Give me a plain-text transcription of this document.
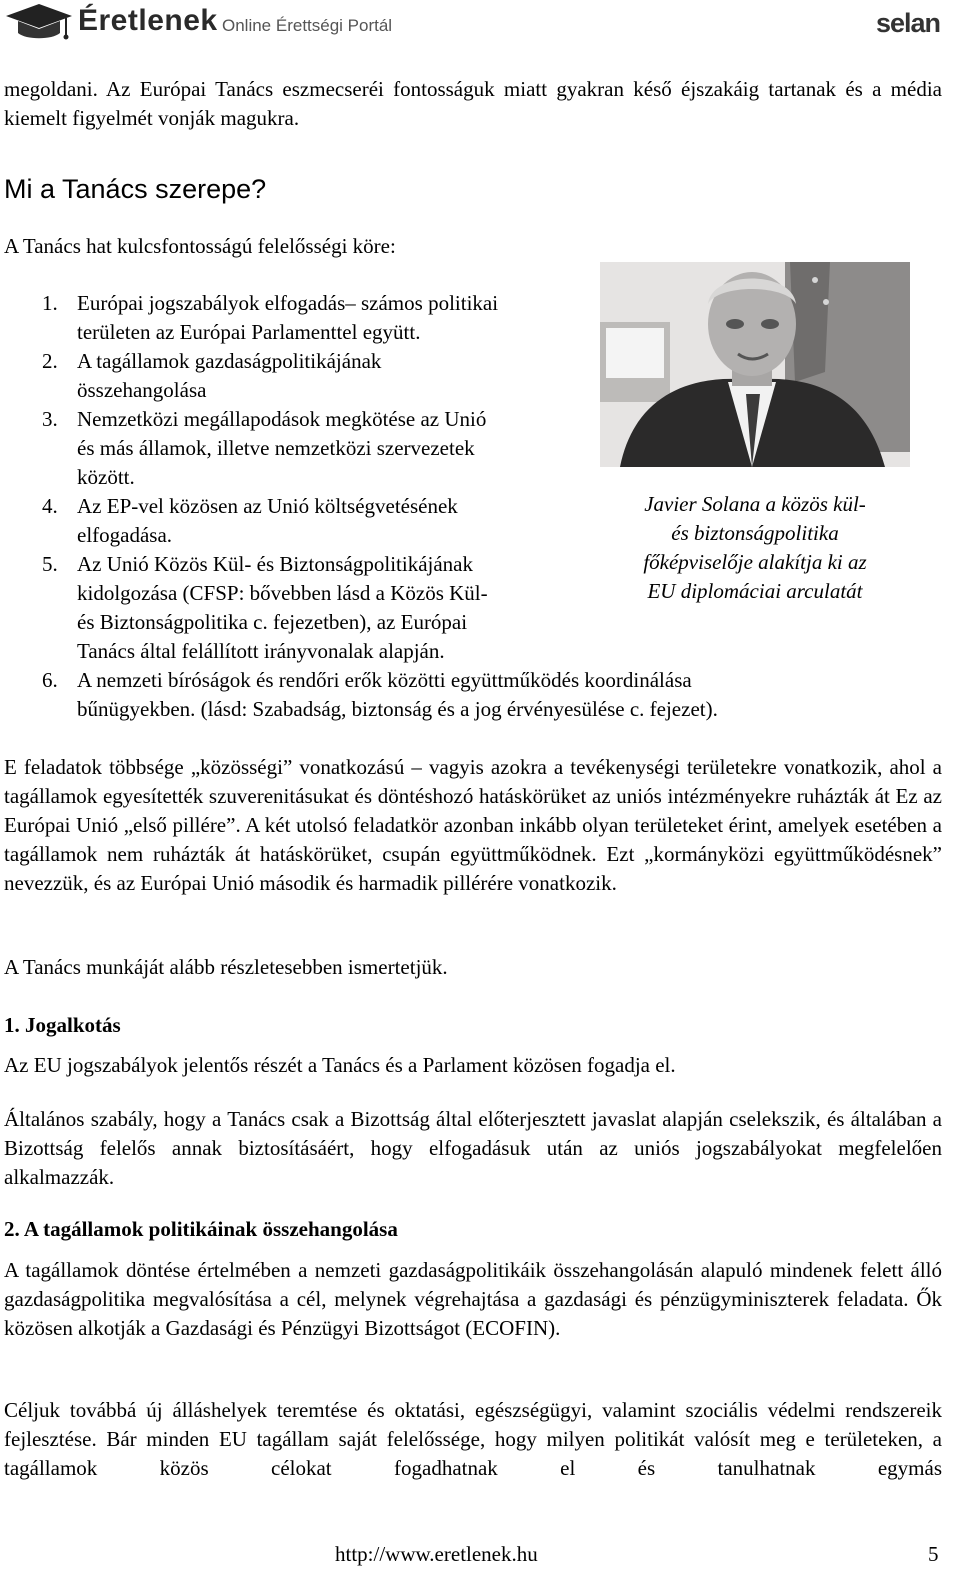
Éretlenek Online Érettségi Portál	selan

megoldani. Az Európai Tanács eszmecseréi fontosságuk miatt gyakran késő éjszakáig tartanak és a média kiemelt figyelmét vonják magukra.

Mi a Tanács szerepe?

A Tanács hat kulcsfontosságú felelősségi köre:

1. Európai jogszabályok elfogadás– számos politikai
területen az Európai Parlamenttel együtt.
2. A tagállamok gazdaságpolitikájának
összehangolása
3. Nemzetközi megállapodások megkötése az Unió
és más államok, illetve nemzetközi szervezetek
között.
4. Az EP-vel közösen az Unió költségvetésének
elfogadása.
5. Az Unió Közös Kül- és Biztonságpolitikájának
kidolgozása (CFSP: bővebben lásd a Közös Kül-
és Biztonságpolitika c. fejezetben), az Európai
Tanács által felállított irányvonalak alapján.
6. A nemzeti bíróságok és rendőri erők közötti együttműködés koordinálása
bűnügyekben. (lásd: Szabadság, biztonság és a jog érvényesülése c. fejezet).
Javier Solana a közös kül-
és biztonságpolitika
főképviselője alakítja ki az
EU diplomáciai arculatát

E feladatok többsége „közösségi” vonatkozású – vagyis azokra a tevékenységi területekre vonatkozik, ahol a tagállamok egyesítették szuverenitásukat és döntéshozó hatáskörüket az uniós intézményekre ruházták át Ez az Európai Unió „első pillére”. A két utolsó feladatkör azonban inkább olyan területeket érint, amelyek esetében a tagállamok nem ruházták át hatáskörüket, csupán együttműködnek. Ezt „kormányközi együttműködésnek” nevezzük, és az Európai Unió második és harmadik pillérére vonatkozik.

A Tanács munkáját alább részletesebben ismertetjük.

1. Jogalkotás

Az EU jogszabályok jelentős részét a Tanács és a Parlament közösen fogadja el.

Általános szabály, hogy a Tanács csak a Bizottság által előterjesztett javaslat alapján cselekszik, és általában a Bizottság felelős annak biztosításáért, hogy elfogadásuk után az uniós jogszabályokat megfelelően alkalmazzák.

2. A tagállamok politikáinak összehangolása

A tagállamok döntése értelmében a nemzeti gazdaságpolitikáik összehangolásán alapuló mindenek felett álló gazdaságpolitika megvalósítása a cél, melynek végrehajtása a gazdasági és pénzügyminiszterek feladata. Ők közösen alkotják a Gazdasági és Pénzügyi Bizottságot (ECOFIN).

Céljuk továbbá új álláshelyek teremtése és oktatási, egészségügyi, valamint szociális védelmi rendszereik fejlesztése. Bár minden EU tagállam saját felelőssége, hogy milyen politikát valósít meg e területeken, a tagállamok közös célokat fogadhatnak el és tanulhatnak egymás

http://www.eretlenek.hu	5
